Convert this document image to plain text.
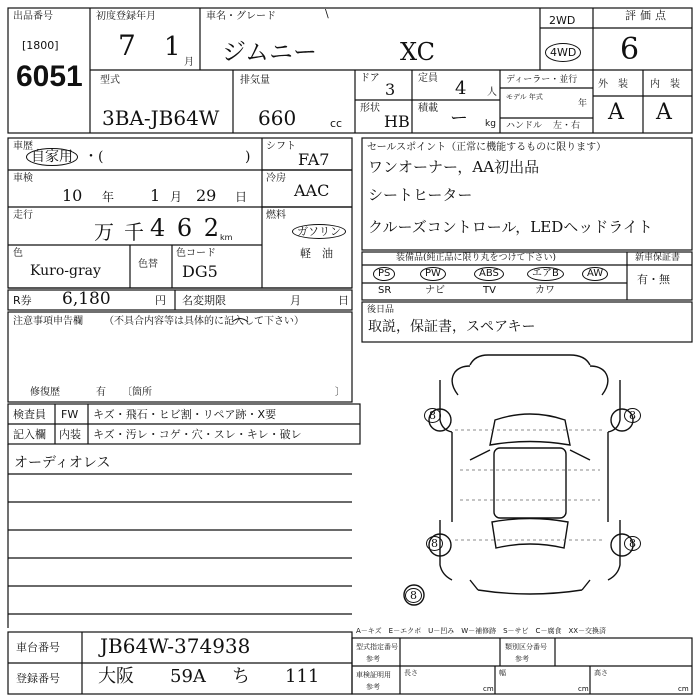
出品番号
[1800]
6051
初度登録年月
7 1
月
車名・グレード	\
ジムニー	XC
2WD
4WD
評価点
6
型式
3BA-JB64W
排気量
660	cc
ドア
3
定員 4 人
形状
HB
積載 ー kg
ディーラー・並行
モデル 年式
年
ハンドル 左・右
外　装 内　装
A A
車歴
自家用 ・(	)
車検
10 年 1 月 29 日
走行
万 千 4 6 2
km
色
Kuro-gray	色替
色コード
DG5
シフト
FA7
冷房
AAC
燃料
ガソリン
軽　油
R券 6,180	円 名変期限	月	日
注意事項申告欄 （不具合内容等は具体的に記入して下さい）
修復歴	有 〔箇所	〕
検査員
記入欄
FW キズ・飛石・ヒビ割・リペア跡・X要
内装 キズ・汚レ・コゲ・穴・スレ・キレ・破レ
オーディオレス
セールスポイント（正常に機能するものに限ります）
ワンオーナー，AA初出品
シートヒーター
クルーズコントロール，LEDヘッドライト
装備品(純正品に限り丸をつけて下さい)	新車保証書
PS	PW	ABS	エアB	AW
SR	ナビ	TV	カワ
有・無
後日品
取説，保証書，スペアキー
8	8
8	8
8
A－キズ　E－エクボ　U－凹み　W－補修跡　S－サビ　C－腐食　XX－交換済
車台番号 JB64W-374938
登録番号 大阪 59A ち 111
型式指定番号
参考
類別区分番号
参考
車検証明用
参考
長さ
cm
幅
cm
高さ
cm
